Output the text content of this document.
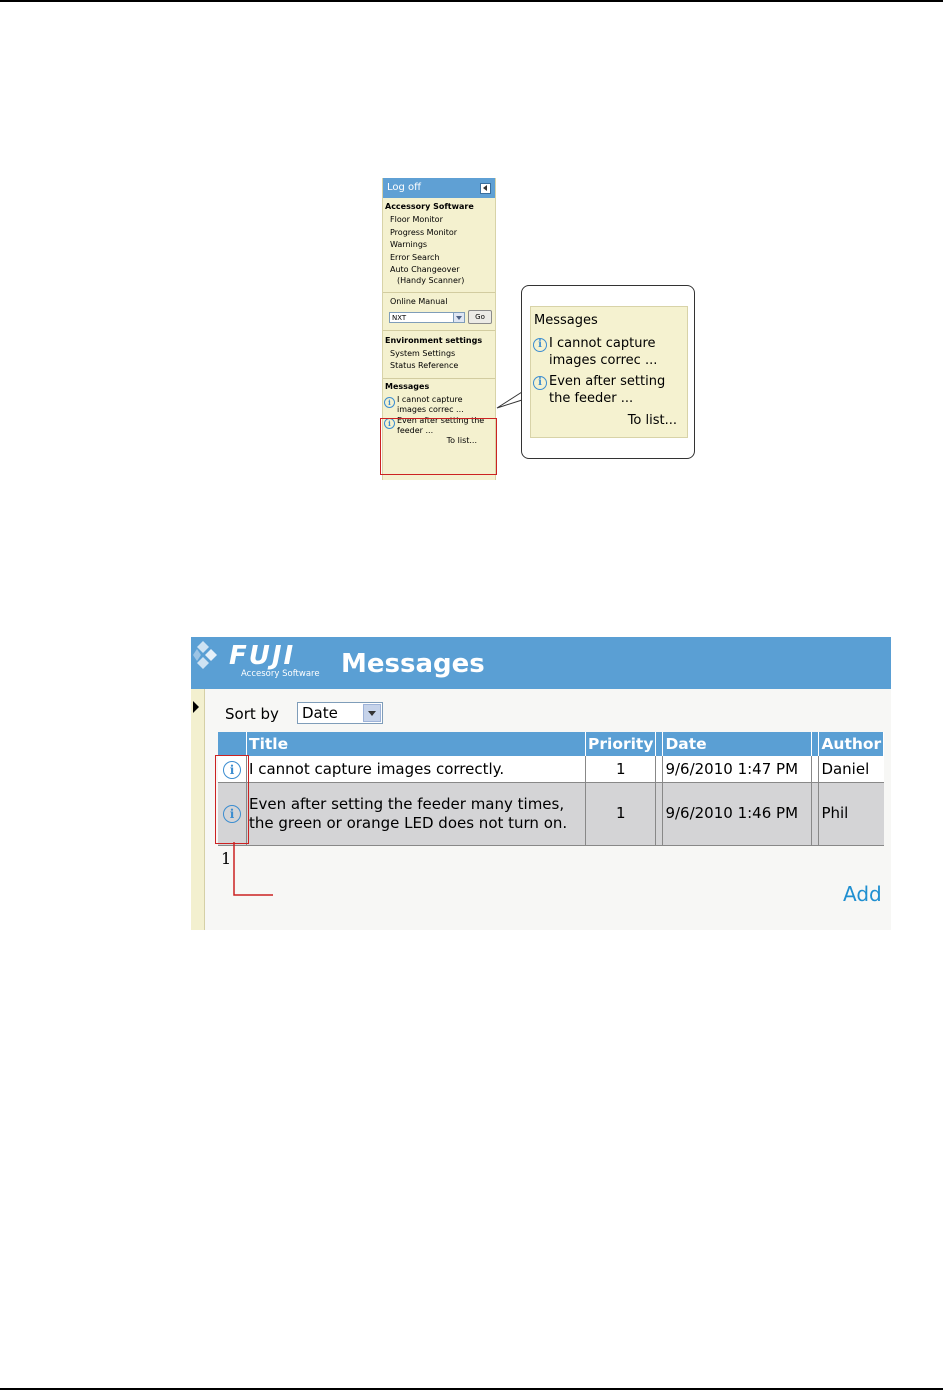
Log off
Accessory Software
Floor Monitor
Progress Monitor
Warnings
Error Search
Auto Changeover
(Handy Scanner)
Online Manual
NXT	Go
Environment settings
System Settings
Status Reference
Messages
i I cannot capture images correc ...
i Even after setting the feeder ...
To list...
Messages
i I cannot capture images correc ...
i Even after setting the feeder ...
To list...
FUJI
Accesory Software Messages
Sort by	Date
	Title	Priority		Date		Author
i	I cannot capture images correctly.	1		9/6/2010 1:47 PM		Daniel
i	Even after setting the feeder many times, the green or orange LED does not turn on.	1		9/6/2010 1:46 PM		Phil
1
Add
